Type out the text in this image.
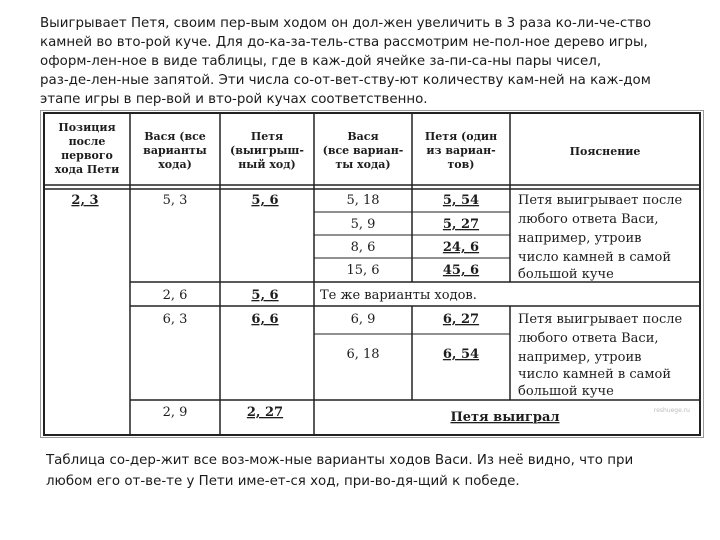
Выигрывает Петя, своим пер-вым ходом он дол-жен увеличить в 3 раза ко-ли-че-ство
камней во вто-рой куче. Для до-ка-за-тель-ства рассмотрим не-пол-ное дерево игры,
оформ-лен-ное в виде таблицы, где в каж-дой ячейке за-пи-са-ны пары чисел,
раз-де-лен-ные запятой. Эти числа со-от-вет-ству-ют количеству кам-ней на каж-дом
этапе игры в пер-вой и вто-рой кучах соответственно.
Позиция
после
первого
хода Пети
Вася (все
варианты
хода)
Петя
(выигрыш-
ный ход)
Вася
(все вариан-
ты хода)
Петя (один
из вариан-
тов)
Пояснение
2, 3	5, 3
2, 6
6, 3
2, 9
5, 6
5, 6
6, 6
2, 27
5, 18
5, 9
8, 6
15, 6
6, 9
6, 18
5, 54
5, 27
24, 6
45, 6
6, 27
6, 54
Петя выигрывает после
любого ответа Васи,
например, утроив
число камней в самой
большой куче
Те же варианты ходов.
Петя выигрывает после
любого ответа Васи,
например, утроив
число камней в самой
большой куче
Петя выиграл	reshuege.ru
Таблица со-дер-жит все воз-мож-ные варианты ходов Васи. Из неё видно, что при
любом его от-ве-те у Пети име-ет-ся ход, при-во-дя-щий к победе.
